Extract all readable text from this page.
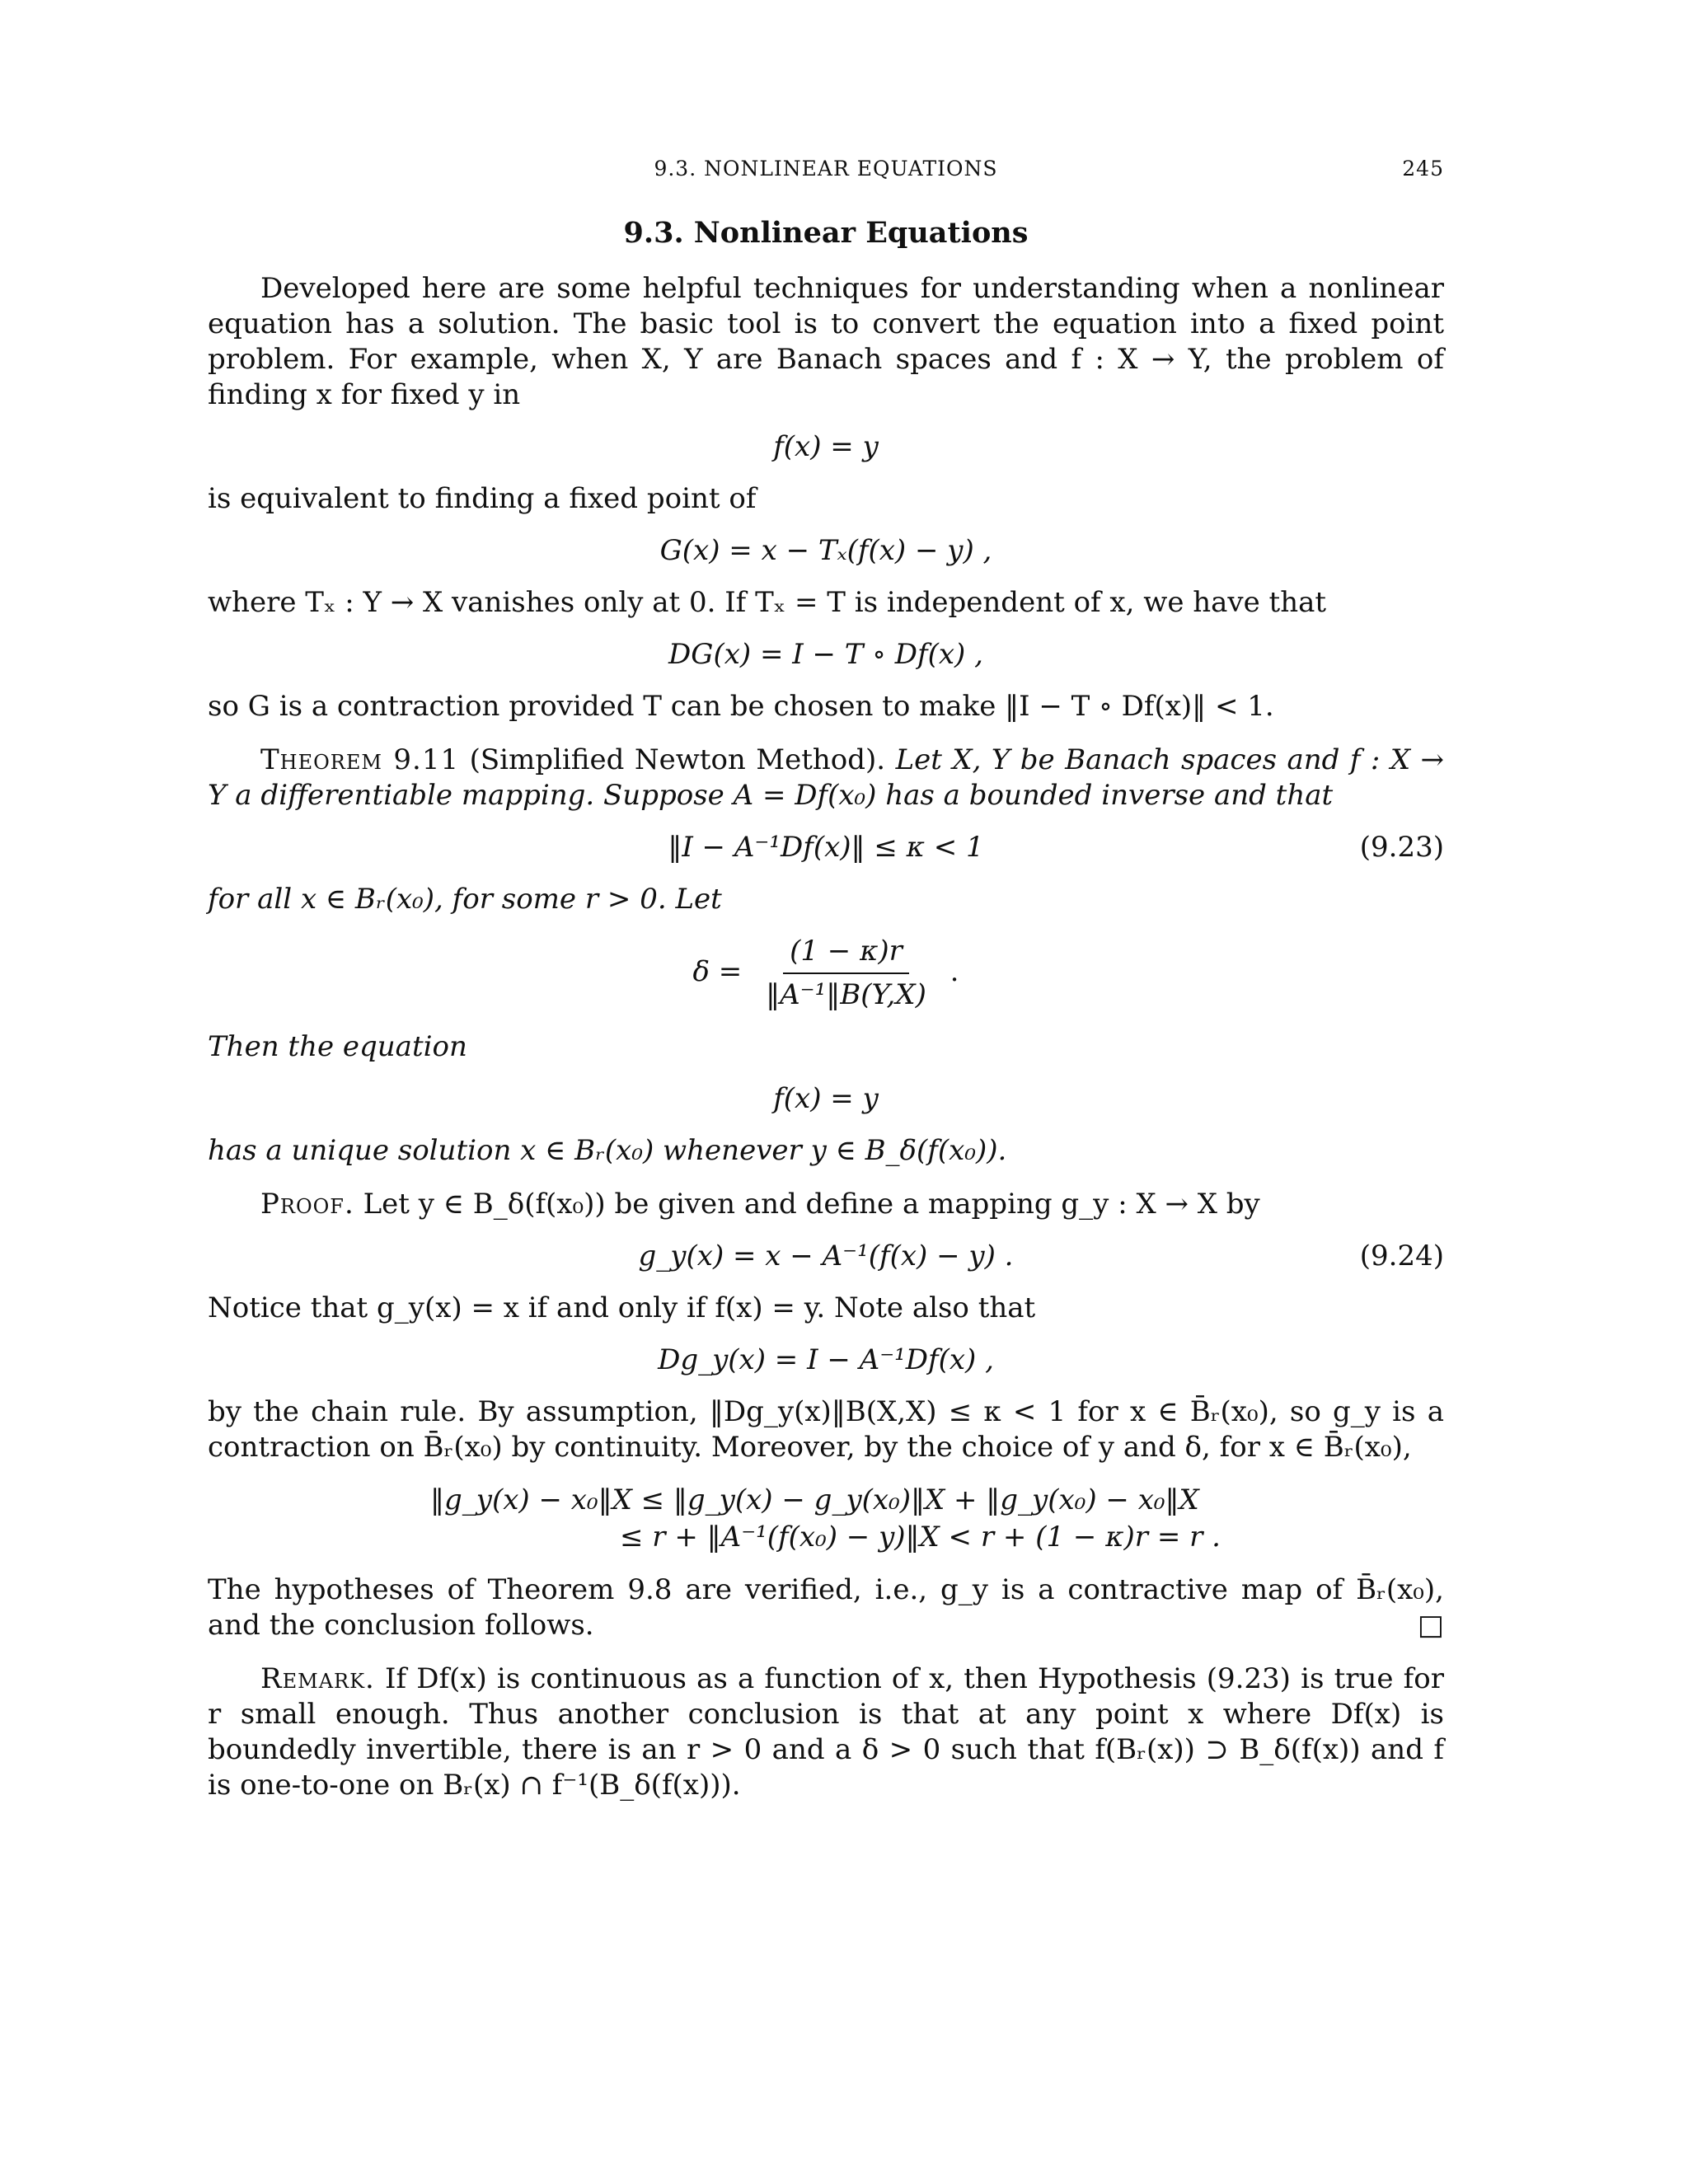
9.3. NONLINEAR EQUATIONS	245
9.3. Nonlinear Equations

Developed here are some helpful techniques for understanding when a nonlinear equation has a solution. The basic tool is to convert the equation into a fixed point problem. For example, when X, Y are Banach spaces and f : X → Y, the problem of finding x for fixed y in

f(x) = y

is equivalent to finding a fixed point of

G(x) = x − Tₓ(f(x) − y) ,

where Tₓ : Y → X vanishes only at 0. If Tₓ = T is independent of x, we have that

DG(x) = I − T ∘ Df(x) ,

so G is a contraction provided T can be chosen to make ‖I − T ∘ Df(x)‖ < 1.

Theorem 9.11 (Simplified Newton Method). Let X, Y be Banach spaces and f : X → Y a differentiable mapping. Suppose A = Df(x₀) has a bounded inverse and that

‖I − A⁻¹Df(x)‖ ≤ κ < 1	(9.23)

for all x ∈ Bᵣ(x₀), for some r > 0. Let

$\delta = \frac{(1 - \kappa)r}{\text{‖A⁻¹‖B(Y,X)}}$ .

Then the equation

f(x) = y

has a unique solution x ∈ Bᵣ(x₀) whenever y ∈ B_δ(f(x₀)).

Proof. Let y ∈ B_δ(f(x₀)) be given and define a mapping g_y : X → X by

g_y(x) = x − A⁻¹(f(x) − y) .	(9.24)

Notice that g_y(x) = x if and only if f(x) = y. Note also that

Dg_y(x) = I − A⁻¹Df(x) ,

by the chain rule. By assumption, ‖Dg_y(x)‖B(X,X) ≤ κ < 1 for x ∈ B̄ᵣ(x₀), so g_y is a contraction on B̄ᵣ(x₀) by continuity. Moreover, by the choice of y and δ, for x ∈ B̄ᵣ(x₀),

‖g_y(x) − x₀‖X ≤ ‖g_y(x) − g_y(x₀)‖X + ‖g_y(x₀) − x₀‖X
≤ r + ‖A⁻¹(f(x₀) − y)‖X < r + (1 − κ)r = r .

The hypotheses of Theorem 9.8 are verified, i.e., g_y is a contractive map of B̄ᵣ(x₀), and the conclusion follows.	□

Remark. If Df(x) is continuous as a function of x, then Hypothesis (9.23) is true for r small enough. Thus another conclusion is that at any point x where Df(x) is boundedly invertible, there is an r > 0 and a δ > 0 such that f(Bᵣ(x)) ⊃ B_δ(f(x)) and f is one-to-one on Bᵣ(x) ∩ f⁻¹(B_δ(f(x))).
